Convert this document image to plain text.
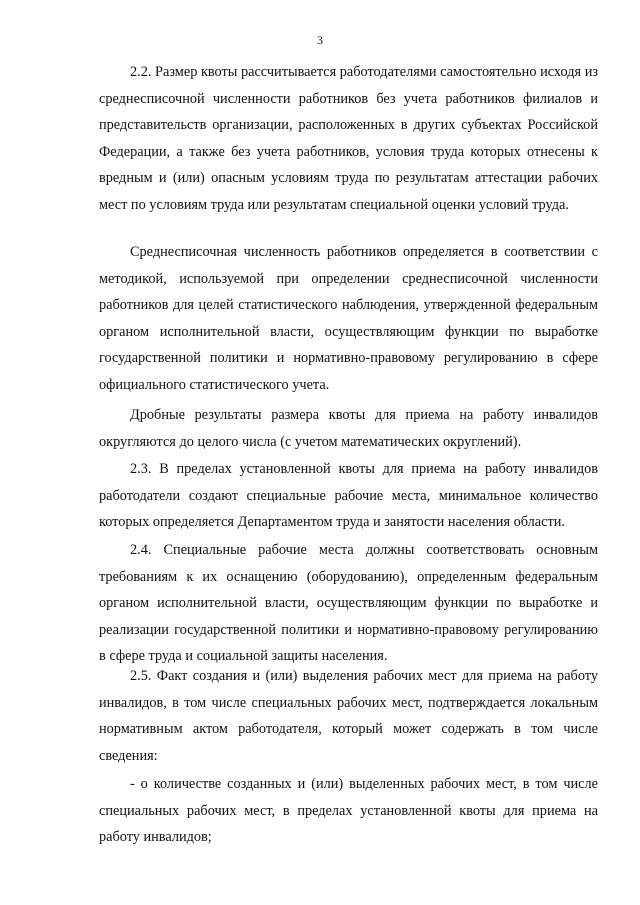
3

2.2. Размер квоты рассчитывается работодателями самостоятельно исходя из среднесписочной численности работников без учета работников филиалов и представительств организации, расположенных в других субъектах Российской Федерации, а также без учета работников, условия труда которых отнесены к вредным и (или) опасным условиям труда по результатам аттестации рабочих мест по условиям труда или результатам специальной оценки условий труда.

Среднесписочная численность работников определяется в соответствии с методикой, используемой при определении среднесписочной численности работников для целей статистического наблюдения, утвержденной федеральным органом исполнительной власти, осуществляющим функции по выработке государственной политики и нормативно-правовому регулированию в сфере официального статистического учета.

Дробные результаты размера квоты для приема на работу инвалидов округляются до целого числа (с учетом математических округлений).

2.3. В пределах установленной квоты для приема на работу инвалидов работодатели создают специальные рабочие места, минимальное количество которых определяется Департаментом труда и занятости населения области.

2.4. Специальные рабочие места должны соответствовать основным требованиям к их оснащению (оборудованию), определенным федеральным органом исполнительной власти, осуществляющим функции по выработке и реализации государственной политики и нормативно-правовому регулированию в сфере труда и социальной защиты населения.

2.5. Факт создания и (или) выделения рабочих мест для приема на работу инвалидов, в том числе специальных рабочих мест, подтверждается локальным нормативным актом работодателя, который может содержать в том числе сведения:

- о количестве созданных и (или) выделенных рабочих мест, в том числе специальных рабочих мест, в пределах установленной квоты для приема на работу инвалидов;
